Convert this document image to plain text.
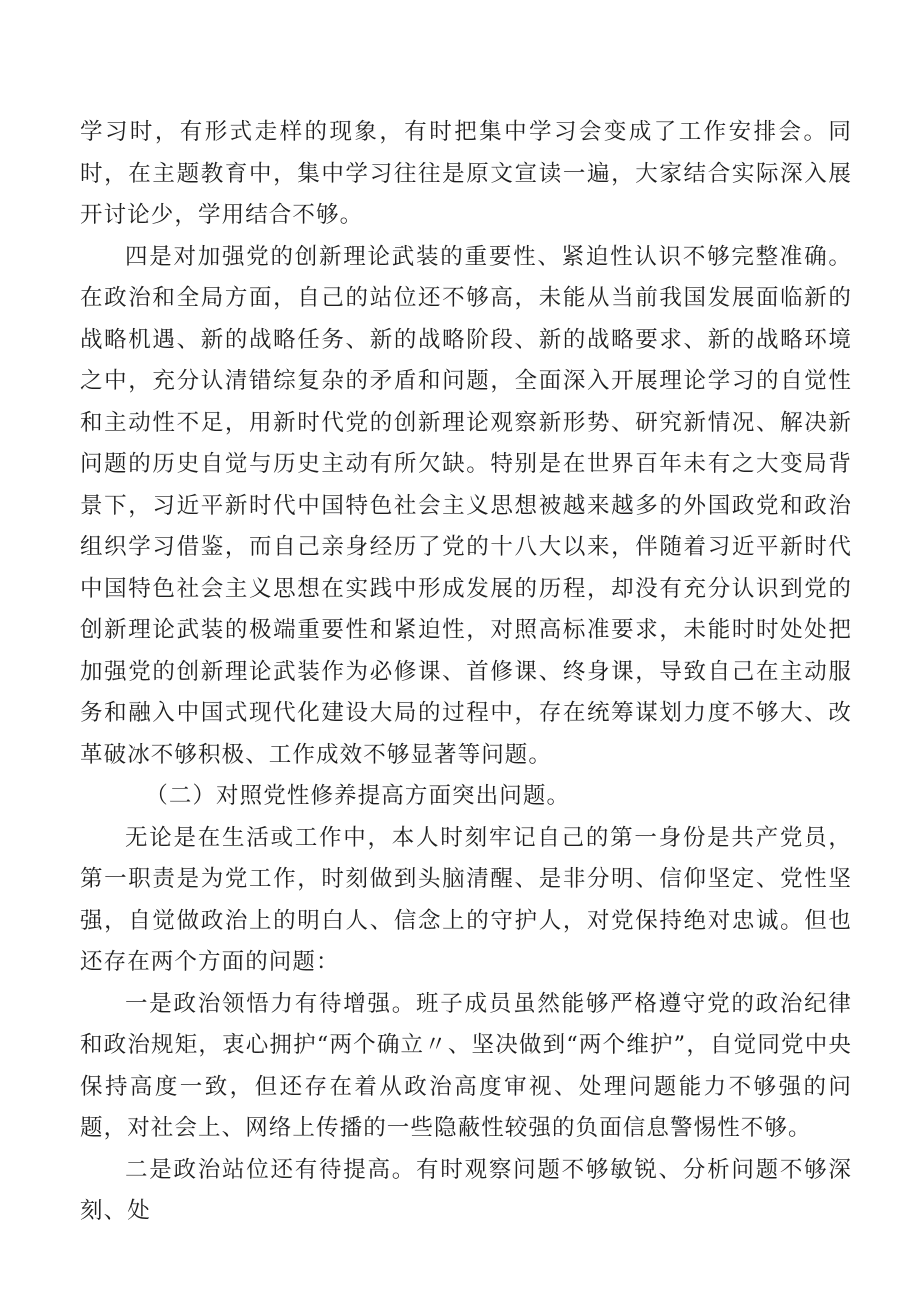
学习时，有形式走样的现象，有时把集中学习会变成了工作安排会。同时，在主题教育中，集中学习往往是原文宣读一遍，大家结合实际深入展开讨论少，学用结合不够。

四是对加强党的创新理论武装的重要性、紧迫性认识不够完整准确。在政治和全局方面，自己的站位还不够高，未能从当前我国发展面临新的战略机遇、新的战略任务、新的战略阶段、新的战略要求、新的战略环境之中，充分认清错综复杂的矛盾和问题，全面深入开展理论学习的自觉性和主动性不足，用新时代党的创新理论观察新形势、研究新情况、解决新问题的历史自觉与历史主动有所欠缺。特别是在世界百年未有之大变局背景下，习近平新时代中国特色社会主义思想被越来越多的外国政党和政治组织学习借鉴，而自己亲身经历了党的十八大以来，伴随着习近平新时代中国特色社会主义思想在实践中形成发展的历程，却没有充分认识到党的创新理论武装的极端重要性和紧迫性，对照高标准要求，未能时时处处把加强党的创新理论武装作为必修课、首修课、终身课，导致自己在主动服务和融入中国式现代化建设大局的过程中，存在统筹谋划力度不够大、改革破冰不够积极、工作成效不够显著等问题。

（二）对照党性修养提高方面突出问题。

无论是在生活或工作中，本人时刻牢记自己的第一身份是共产党员，第一职责是为党工作，时刻做到头脑清醒、是非分明、信仰坚定、党性坚强，自觉做政治上的明白人、信念上的守护人，对党保持绝对忠诚。但也还存在两个方面的问题：

一是政治领悟力有待增强。班子成员虽然能够严格遵守党的政治纪律和政治规矩，衷心拥护“两个确立〃、坚决做到“两个维护”，自觉同党中央保持高度一致，但还存在着从政治高度审视、处理问题能力不够强的问题，对社会上、网络上传播的一些隐蔽性较强的负面信息警惕性不够。

二是政治站位还有待提高。有时观察问题不够敏锐、分析问题不够深刻、处
